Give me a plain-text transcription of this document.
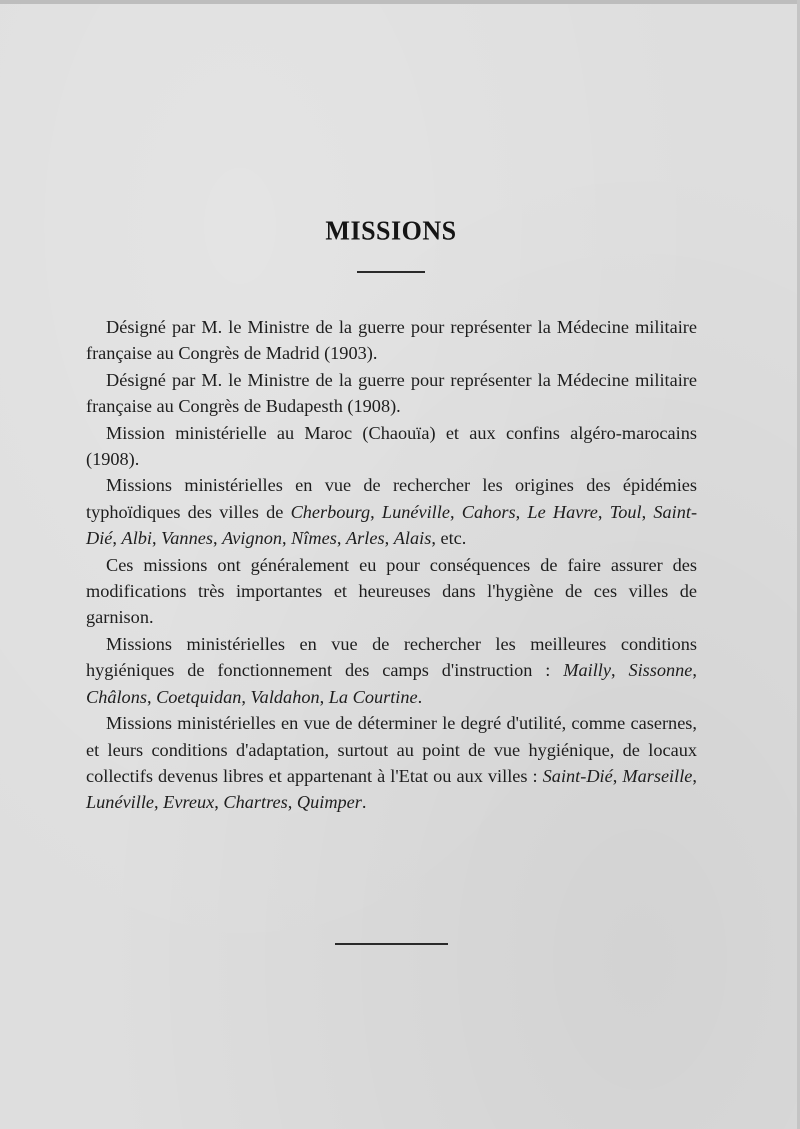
MISSIONS

Désigné par M. le Ministre de la guerre pour représenter la Médecine militaire française au Congrès de Madrid (1903).

Désigné par M. le Ministre de la guerre pour représenter la Médecine militaire française au Congrès de Budapesth (1908).

Mission ministérielle au Maroc (Chaouïa) et aux confins algéro-marocains (1908).

Missions ministérielles en vue de rechercher les origines des épidémies typhoïdiques des villes de Cherbourg, Lunéville, Cahors, Le Havre, Toul, Saint-Dié, Albi, Vannes, Avignon, Nîmes, Arles, Alais, etc.

Ces missions ont généralement eu pour conséquences de faire assurer des modifications très importantes et heureuses dans l'hygiène de ces villes de garnison.

Missions ministérielles en vue de rechercher les meilleures conditions hygiéniques de fonctionnement des camps d'instruction : Mailly, Sissonne, Châlons, Coetquidan, Valdahon, La Courtine.

Missions ministérielles en vue de déterminer le degré d'utilité, comme casernes, et leurs conditions d'adaptation, surtout au point de vue hygiénique, de locaux collectifs devenus libres et appartenant à l'Etat ou aux villes : Saint-Dié, Marseille, Lunéville, Evreux, Chartres, Quimper.
